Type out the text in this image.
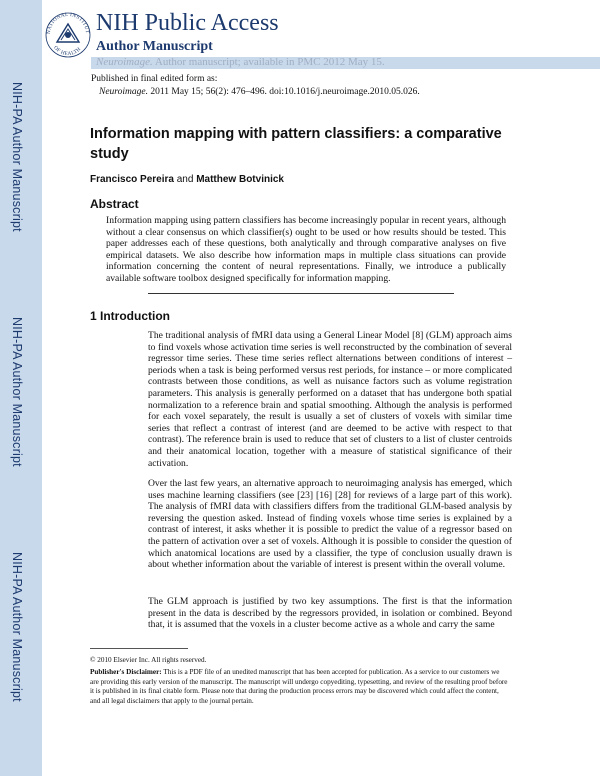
NIH-PA Author Manuscript
NIH-PA Author Manuscript
NIH-PA Author Manuscript
NATIONAL INSTITUT
OF HEALTH
NIH Public Access
Author Manuscript
Neuroimage. Author manuscript; available in PMC 2012 May 15.
Published in final edited form as:
Neuroimage. 2011 May 15; 56(2): 476–496. doi:10.1016/j.neuroimage.2010.05.026.
Information mapping with pattern classifiers: a comparative study
Francisco Pereira and Matthew Botvinick
Abstract
Information mapping using pattern classifiers has become increasingly popular in recent years, although without a clear consensus on which classifier(s) ought to be used or how results should be tested. This paper addresses each of these questions, both analytically and through comparative analyses on five empirical datasets. We also describe how information maps in multiple class situations can provide information concerning the content of neural representations. Finally, we introduce a publically available software toolbox designed specifically for information mapping.
1 Introduction
The traditional analysis of fMRI data using a General Linear Model [8] (GLM) approach aims to find voxels whose activation time series is well reconstructed by the combination of several regressor time series. These time series reflect alternations between conditions of interest – periods when a task is being performed versus rest periods, for instance – or more complicated contrasts between those conditions, as well as nuisance factors such as volume registration parameters. This analysis is generally performed on a dataset that has undergone both spatial normalization to a reference brain and spatial smoothing. Although the analysis is performed for each voxel separately, the result is usually a set of clusters of voxels with similar time series that reflect a contrast of interest (and are deemed to be active with respect to that contrast). The reference brain is used to reduce that set of clusters to a list of cluster centroids and their anatomical location, together with a measure of statistical significance of their activation.
Over the last few years, an alternative approach to neuroimaging analysis has emerged, which uses machine learning classifiers (see [23] [16] [28] for reviews of a large part of this work). The analysis of fMRI data with classifiers differs from the traditional GLM-based analysis by reversing the question asked. Instead of finding voxels whose time series is explained by a contrast of interest, it asks whether it is possible to predict the value of a regressor based on the pattern of activation over a set of voxels. Although it is possible to consider the question of which anatomical locations are used by a classifier, the type of conclusion usually drawn is about whether information about the variable of interest is present within the overall volume.
The GLM approach is justified by two key assumptions. The first is that the information present in the data is described by the regressors provided, in isolation or combined. Beyond that, it is assumed that the voxels in a cluster become active as a whole and carry the same
© 2010 Elsevier Inc. All rights reserved.
Publisher's Disclaimer: This is a PDF file of an unedited manuscript that has been accepted for publication. As a service to our customers we are providing this early version of the manuscript. The manuscript will undergo copyediting, typesetting, and review of the resulting proof before it is published in its final citable form. Please note that during the production process errors may be discovered which could affect the content, and all legal disclaimers that apply to the journal pertain.
